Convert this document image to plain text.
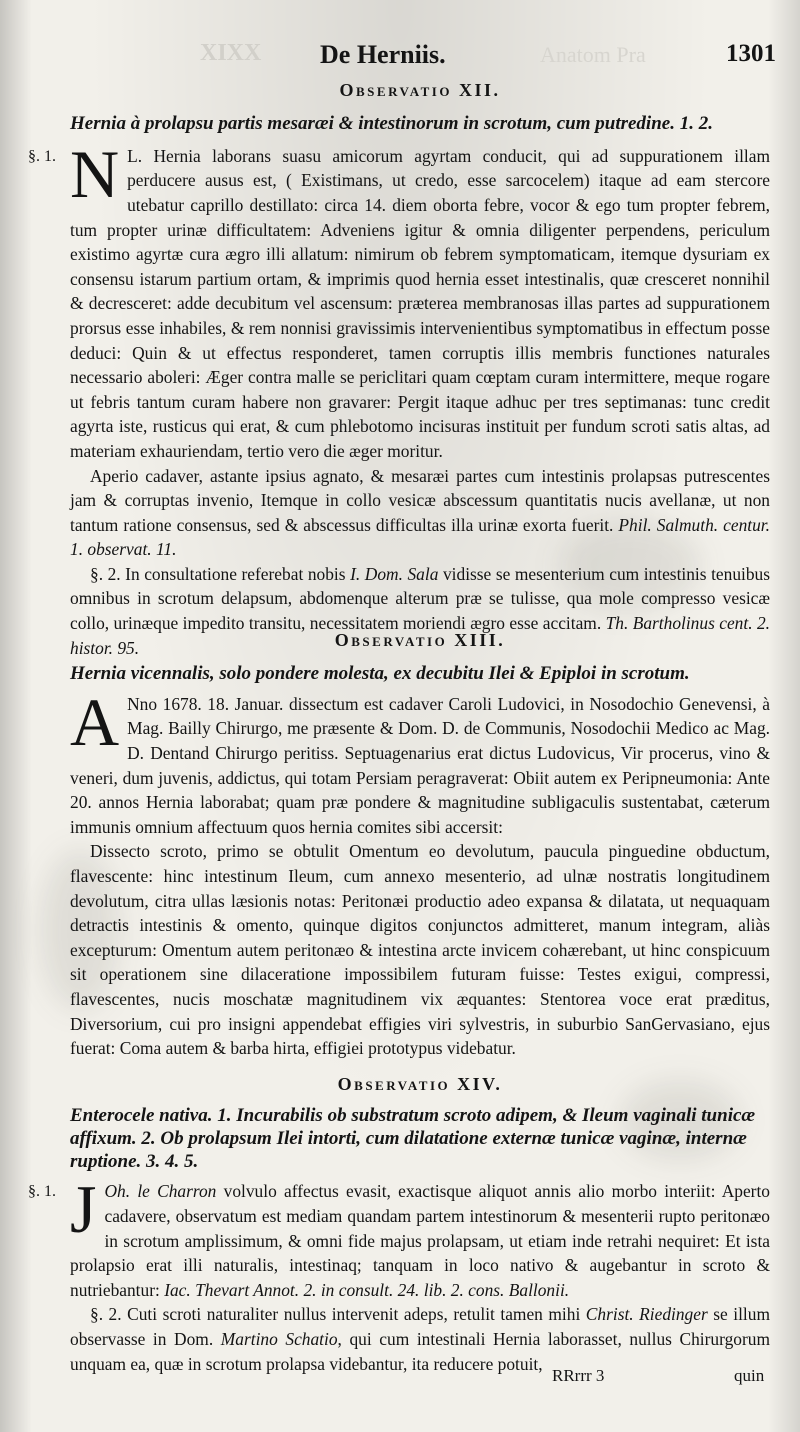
XIXX De Herniis.	Anatom Pra	1301
Observatio XII.
Hernia à prolapsu partis mesaræi & intestinorum in scrotum, cum putredine. 1. 2.
§. 1. N L. Hernia laborans suasu amicorum agyrtam conducit, qui ad suppurationem illam perducere ausus est, ( Existimans, ut credo, esse sarcocelem) itaque ad eam stercore utebatur caprillo destillato: circa 14. diem oborta febre, vocor & ego tum propter febrem, tum propter urinæ difficultatem: Adveniens igitur & omnia diligenter perpendens, periculum existimo agyrtæ cura ægro illi allatum: nimirum ob febrem symptomaticam, itemque dysuriam ex consensu istarum partium ortam, & imprimis quod hernia esset intestinalis, quæ cresceret nonnihil & decresceret: adde decubitum vel ascensum: præterea membranosas illas partes ad suppurationem prorsus esse inhabiles, & rem nonnisi gravissimis intervenientibus symptomatibus in effectum posse deduci: Quin & ut effectus responderet, tamen corruptis illis membris functiones naturales necessario aboleri: Æger contra malle se periclitari quam cœptam curam intermittere, meque rogare ut febris tantum curam habere non gravarer: Pergit itaque adhuc per tres septimanas: tunc credit agyrta iste, rusticus qui erat, & cum phlebotomo incisuras instituit per fundum scroti satis altas, ad materiam exhauriendam, tertio vero die æger moritur.
Aperio cadaver, astante ipsius agnato, & mesaræi partes cum intestinis prolapsas putrescentes jam & corruptas invenio, Itemque in collo vesicæ abscessum quantitatis nucis avellanæ, ut non tantum ratione consensus, sed & abscessus difficultas illa urinæ exorta fuerit. Phil. Salmuth. centur. 1. observat. 11.
§. 2. In consultatione referebat nobis I. Dom. Sala vidisse se mesenterium cum intestinis tenuibus omnibus in scrotum delapsum, abdomenque alterum præ se tulisse, qua mole compresso vesicæ collo, urinæque impedito transitu, necessitatem moriendi ægro esse accitam. Th. Bartholinus cent. 2. histor. 95.	Observatio XIII.
Hernia vicennalis, solo pondere molesta, ex decubitu Ilei & Epiploi in scrotum.
A Nno 1678. 18. Januar. dissectum est cadaver Caroli Ludovici, in Nosodochio Genevensi, à Mag. Bailly Chirurgo, me præsente & Dom. D. de Communis, Nosodochii Medico ac Mag. D. Dentand Chirurgo peritiss. Septuagenarius erat dictus Ludovicus, Vir procerus, vino & veneri, dum juvenis, addictus, qui totam Persiam peragraverat: Obiit autem ex Peripneumonia: Ante 20. annos Hernia laborabat; quam præ pondere & magnitudine subligaculis sustentabat, cæterum immunis omnium affectuum quos hernia comites sibi accersit:
Dissecto scroto, primo se obtulit Omentum eo devolutum, paucula pinguedine obductum, flavescente: hinc intestinum Ileum, cum annexo mesenterio, ad ulnæ nostratis longitudinem devolutum, citra ullas læsionis notas: Peritonæi productio adeo expansa & dilatata, ut nequaquam detractis intestinis & omento, quinque digitos conjunctos admitteret, manum integram, aliàs excepturum: Omentum autem peritonæo & intestina arcte invicem cohærebant, ut hinc conspicuum sit operationem sine dilaceratione impossibilem futuram fuisse: Testes exigui, compressi, flavescentes, nucis moschatæ magnitudinem vix æquantes: Stentorea voce erat præditus, Diversorium, cui pro insigni appendebat effigies viri sylvestris, in suburbio SanGervasiano, ejus fuerat: Coma autem & barba hirta, effigiei prototypus videbatur.
Observatio XIV.
Enterocele nativa. 1. Incurabilis ob substratum scroto adipem, & Ileum vaginali tunicæ affixum. 2. Ob prolapsum Ilei intorti, cum dilatatione externæ tunicæ vaginæ, internæ ruptione. 3. 4. 5.
§. 1. J Oh. le Charron volvulo affectus evasit, exactisque aliquot annis alio morbo interiit: Aperto cadavere, observatum est mediam quandam partem intestinorum & mesenterii rupto peritonæo in scrotum amplissimum, & omni fide majus prolapsam, ut etiam inde retrahi nequiret: Et ista prolapsio erat illi naturalis, intestinaq; tanquam in loco nativo & augebantur in scroto & nutriebantur: Iac. Thevart Annot. 2. in consult. 24. lib. 2. cons. Ballonii.
§. 2. Cuti scroti naturaliter nullus intervenit adeps, retulit tamen mihi Christ. Riedinger se illum observasse in Dom. Martino Schatio, qui cum intestinali Hernia laborasset, nullus Chirurgorum unquam ea, quæ in scrotum prolapsa videbantur, ita reducere potuit,
RRrrr 3	quin
